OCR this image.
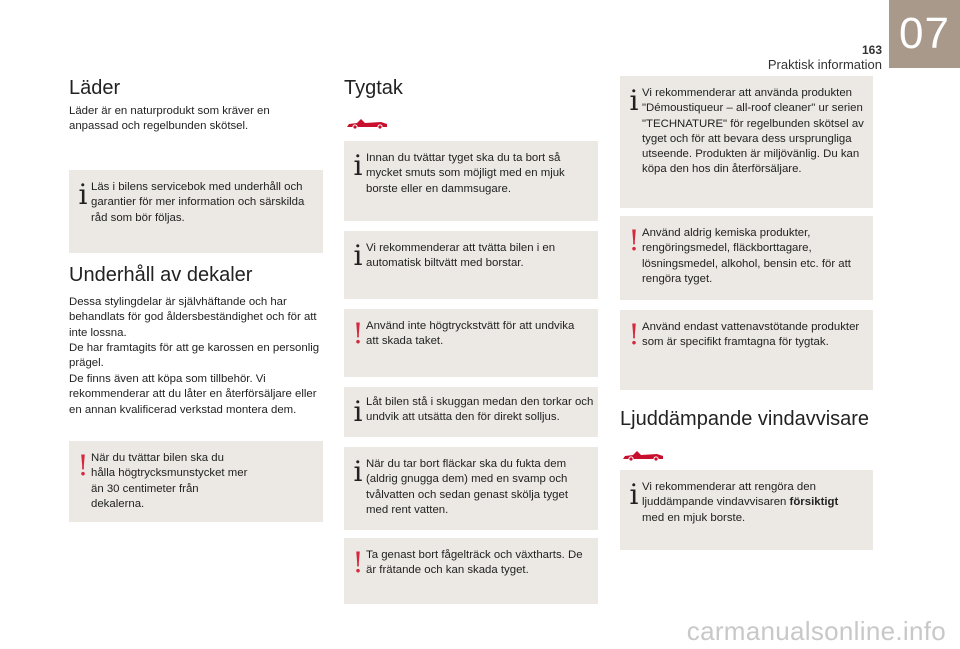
07
163
Praktisk information
Läder

Läder är en naturprodukt som kräver en anpassad och regelbunden skötsel.

i Läs i bilens servicebok med underhåll och garantier för mer information och särskilda råd som bör följas.
Underhåll av dekaler

Dessa stylingdelar är självhäftande och har behandlats för god åldersbeständighet och för att inte lossna.

De har framtagits för att ge karossen en personlig prägel.

De finns även att köpa som tillbehör. Vi rekommenderar att du låter en återförsäljare eller en annan kvalificerad verkstad montera dem.

! När du tvättar bilen ska du hålla högtrycksmunstycket mer än 30 centimeter från dekalerna.
Tygtak
i Innan du tvättar tyget ska du ta bort så mycket smuts som möjligt med en mjuk borste eller en dammsugare.
i Vi rekommenderar att tvätta bilen i en automatisk biltvätt med borstar.
! Använd inte högtryckstvätt för att undvika att skada taket.
i Låt bilen stå i skuggan medan den torkar och undvik att utsätta den för direkt solljus.
i När du tar bort fläckar ska du fukta dem (aldrig gnugga dem) med en svamp och tvålvatten och sedan genast skölja tyget med rent vatten.
! Ta genast bort fågelträck och växtharts. De är frätande och kan skada tyget.
i Vi rekommenderar att använda produkten "Démoustiqueur – all-roof cleaner" ur serien "TECHNATURE" för regelbunden skötsel av tyget och för att bevara dess ursprungliga utseende. Produkten är miljövänlig. Du kan köpa den hos din återförsäljare.
! Använd aldrig kemiska produkter, rengöringsmedel, fläckborttagare, lösningsmedel, alkohol, bensin etc. för att rengöra tyget.
! Använd endast vattenavstötande produkter som är specifikt framtagna för tygtak.
Ljuddämpande vindavvisare
i Vi rekommenderar att rengöra den ljuddämpande vindavvisaren försiktigt med en mjuk borste.
carmanualsonline.info
